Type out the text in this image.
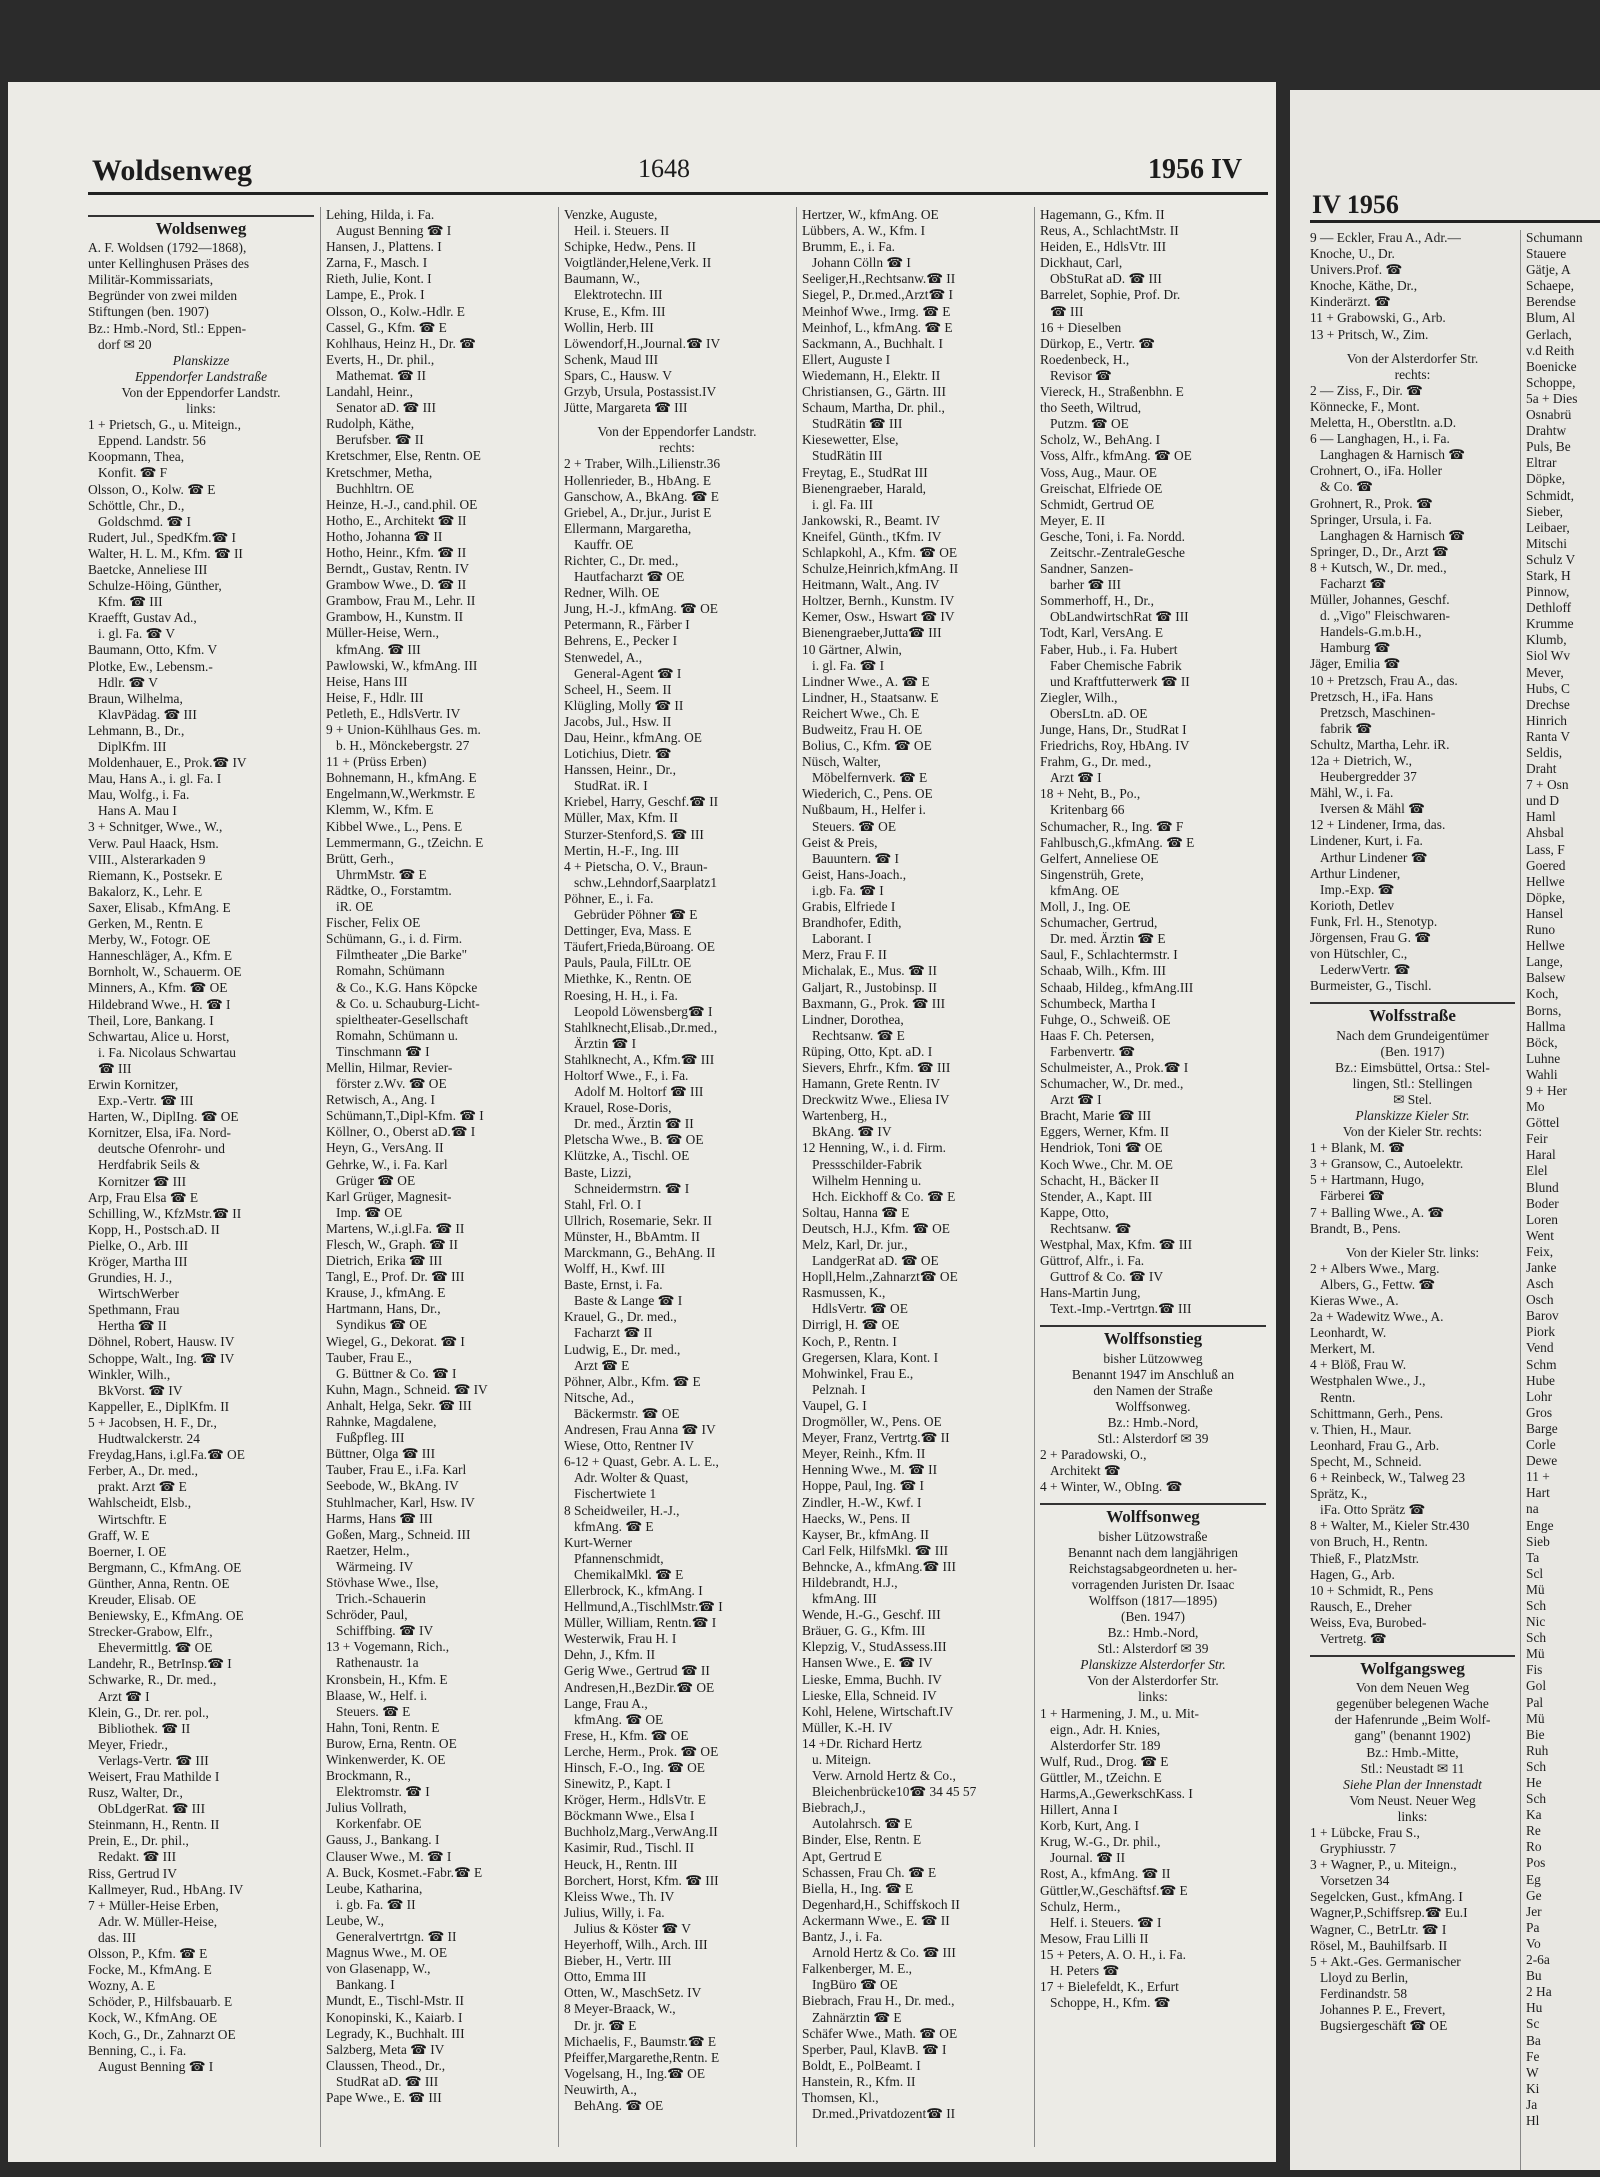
Woldsenweg	1648	1956 IV
Woldsenweg
A. F. Woldsen (1792—1868),
unter Kellinghusen Präses des
Militär-Kommissariats,
Begründer von zwei milden
Stiftungen (ben. 1907)
Bz.: Hmb.-Nord, Stl.: Eppen-
dorf ✉ 20
Planskizze
Eppendorfer Landstraße
Von der Eppendorfer Landstr.
links:
1 + Prietsch, G., u. Miteign.,
Eppend. Landstr. 56
Koopmann, Thea,
Konfit. ☎ F
Olsson, O., Kolw. ☎ E
Schöttle, Chr., D.,
Goldschmd. ☎ I
Rudert, Jul., SpedKfm.☎ I
Walter, H. L. M., Kfm. ☎ II
Baetcke, Anneliese III
Schulze-Höing, Günther,
Kfm. ☎ III
Kraefft, Gustav Ad.,
i. gl. Fa. ☎ V
Baumann, Otto, Kfm. V
Plotke, Ew., Lebensm.-
Hdlr. ☎ V
Braun, Wilhelma,
KlavPädag. ☎ III
Lehmann, B., Dr.,
DiplKfm. III
Moldenhauer, E., Prok.☎ IV
Mau, Hans A., i. gl. Fa. I
Mau, Wolfg., i. Fa.
Hans A. Mau I
3 + Schnitger, Wwe., W.,
Verw. Paul Haack, Hsm.
VIII., Alsterarkaden 9
Riemann, K., Postsekr. E
Bakalorz, K., Lehr. E
Saxer, Elisab., KfmAng. E
Gerken, M., Rentn. E
Merby, W., Fotogr. OE
Hanneschläger, A., Kfm. E
Bornholt, W., Schauerm. OE
Minners, A., Kfm. ☎ OE
Hildebrand Wwe., H. ☎ I
Theil, Lore, Bankang. I
Schwartau, Alice u. Horst,
i. Fa. Nicolaus Schwartau
☎ III
Erwin Kornitzer,
Exp.-Vertr. ☎ III
Harten, W., DiplIng. ☎ OE
Kornitzer, Elsa, iFa. Nord-
deutsche Ofenrohr- und
Herdfabrik Seils &
Kornitzer ☎ III
Arp, Frau Elsa ☎ E
Schilling, W., KfzMstr.☎ II
Kopp, H., Postsch.aD. II
Pielke, O., Arb. III
Kröger, Martha III
Grundies, H. J.,
WirtschWerber
Spethmann, Frau
Hertha ☎ II
Döhnel, Robert, Hausw. IV
Schoppe, Walt., Ing. ☎ IV
Winkler, Wilh.,
BkVorst. ☎ IV
Kappeller, E., DiplKfm. II
5 + Jacobsen, H. F., Dr.,
Hudtwalckerstr. 24
Freydag,Hans, i.gl.Fa.☎ OE
Ferber, A., Dr. med.,
prakt. Arzt ☎ E
Wahlscheidt, Elsb.,
Wirtschftr. E
Graff, W. E
Boerner, I. OE
Bergmann, C., KfmAng. OE
Günther, Anna, Rentn. OE
Kreuder, Elisab. OE
Beniewsky, E., KfmAng. OE
Strecker-Grabow, Elfr.,
Ehevermittlg. ☎ OE
Landehr, R., BetrInsp.☎ I
Schwarke, R., Dr. med.,
Arzt ☎ I
Klein, G., Dr. rer. pol.,
Bibliothek. ☎ II
Meyer, Friedr.,
Verlags-Vertr. ☎ III
Weisert, Frau Mathilde I
Rusz, Walter, Dr.,
ObLdgerRat. ☎ III
Steinmann, H., Rentn. II
Prein, E., Dr. phil.,
Redakt. ☎ III
Riss, Gertrud IV
Kallmeyer, Rud., HbAng. IV
7 + Müller-Heise Erben,
Adr. W. Müller-Heise,
das. III
Olsson, P., Kfm. ☎ E
Focke, M., KfmAng. E
Wozny, A. E
Schöder, P., Hilfsbauarb. E
Kock, W., KfmAng. OE
Koch, G., Dr., Zahnarzt OE
Benning, C., i. Fa.
August Benning ☎ I
Lehing, Hilda, i. Fa.
August Benning ☎ I
Hansen, J., Plattens. I
Zarna, F., Masch. I
Rieth, Julie, Kont. I
Lampe, E., Prok. I
Olsson, O., Kolw.-Hdlr. E
Cassel, G., Kfm. ☎ E
Kohlhaus, Heinz H., Dr. ☎
Everts, H., Dr. phil.,
Mathemat. ☎ II
Landahl, Heinr.,
Senator aD. ☎ III
Rudolph, Käthe,
Berufsber. ☎ II
Kretschmer, Else, Rentn. OE
Kretschmer, Metha,
Buchhltrn. OE
Heinze, H.-J., cand.phil. OE
Hotho, E., Architekt ☎ II
Hotho, Johanna ☎ II
Hotho, Heinr., Kfm. ☎ II
Berndt,, Gustav, Rentn. IV
Grambow Wwe., D. ☎ II
Grambow, Frau M., Lehr. II
Grambow, H., Kunstm. II
Müller-Heise, Wern.,
kfmAng. ☎ III
Pawlowski, W., kfmAng. III
Heise, Hans III
Heise, F., Hdlr. III
Petleth, E., HdlsVertr. IV
9 + Union-Kühlhaus Ges. m.
b. H., Mönckebergstr. 27
11 + (Prüss Erben)
Bohnemann, H., kfmAng. E
Engelmann,W.,Werkmstr. E
Klemm, W., Kfm. E
Kibbel Wwe., L., Pens. E
Lemmermann, G., tZeichn. E
Brütt, Gerh.,
UhrmMstr. ☎ E
Rädtke, O., Forstamtm.
iR. OE
Fischer, Felix OE
Schümann, G., i. d. Firm.
Filmtheater „Die Barke"
Romahn, Schümann
& Co., K.G. Hans Köpcke
& Co. u. Schauburg-Licht-
spieltheater-Gesellschaft
Romahn, Schümann u.
Tinschmann ☎ I
Mellin, Hilmar, Revier-
förster z.Wv. ☎ OE
Retwisch, A., Ang. I
Schümann,T.,Dipl-Kfm. ☎ I
Köllner, O., Oberst aD.☎ I
Heyn, G., VersAng. II
Gehrke, W., i. Fa. Karl
Grüger ☎ OE
Karl Grüger, Magnesit-
Imp. ☎ OE
Martens, W.,i.gl.Fa. ☎ II
Flesch, W., Graph. ☎ II
Dietrich, Erika ☎ III
Tangl, E., Prof. Dr. ☎ III
Krause, J., kfmAng. E
Hartmann, Hans, Dr.,
Syndikus ☎ OE
Wiegel, G., Dekorat. ☎ I
Tauber, Frau E.,
G. Büttner & Co. ☎ I
Kuhn, Magn., Schneid. ☎ IV
Anhalt, Helga, Sekr. ☎ III
Rahnke, Magdalene,
Fußpfleg. III
Büttner, Olga ☎ III
Tauber, Frau E., i.Fa. Karl
Seebode, W., BkAng. IV
Stuhlmacher, Karl, Hsw. IV
Harms, Hans ☎ III
Goßen, Marg., Schneid. III
Raetzer, Helm.,
Wärmeing. IV
Stövhase Wwe., Ilse,
Trich.-Schauerin
Schröder, Paul,
Schiffbing. ☎ IV
13 + Vogemann, Rich.,
Rathenaustr. 1a
Kronsbein, H., Kfm. E
Blaase, W., Helf. i.
Steuers. ☎ E
Hahn, Toni, Rentn. E
Burow, Erna, Rentn. OE
Winkenwerder, K. OE
Brockmann, R.,
Elektromstr. ☎ I
Julius Vollrath,
Korkenfabr. OE
Gauss, J., Bankang. I
Clauser Wwe., M. ☎ I
A. Buck, Kosmet.-Fabr.☎ E
Leube, Katharina,
i. gb. Fa. ☎ II
Leube, W.,
Generalvertrtgn. ☎ II
Magnus Wwe., M. OE
von Glasenapp, W.,
Bankang. I
Mundt, E., Tischl-Mstr. II
Konopinski, K., Kaiarb. I
Legrady, K., Buchhalt. III
Salzberg, Meta ☎ IV
Claussen, Theod., Dr.,
StudRat aD. ☎ III
Pape Wwe., E. ☎ III
Venzke, Auguste,
Heil. i. Steuers. II
Schipke, Hedw., Pens. II
Voigtländer,Helene,Verk. II
Baumann, W.,
Elektrotechn. III
Kruse, E., Kfm. III
Wollin, Herb. III
Löwendorf,H.,Journal.☎ IV
Schenk, Maud III
Spars, C., Hausw. V
Grzyb, Ursula, Postassist.IV
Jütte, Margareta ☎ III
Von der Eppendorfer Landstr.
rechts:
2 + Traber, Wilh.,Lilienstr.36
Hollenrieder, B., HbAng. E
Ganschow, A., BkAng. ☎ E
Griebel, A., Dr.jur., Jurist E
Ellermann, Margaretha,
Kauffr. OE
Richter, C., Dr. med.,
Hautfacharzt ☎ OE
Redner, Wilh. OE
Jung, H.-J., kfmAng. ☎ OE
Petermann, R., Färber I
Behrens, E., Pecker I
Stenwedel, A.,
General-Agent ☎ I
Scheel, H., Seem. II
Klügling, Molly ☎ II
Jacobs, Jul., Hsw. II
Dau, Heinr., kfmAng. OE
Lotichius, Dietr. ☎
Hanssen, Heinr., Dr.,
StudRat. iR. I
Kriebel, Harry, Geschf.☎ II
Müller, Max, Kfm. II
Sturzer-Stenford,S. ☎ III
Mertin, H.-F., Ing. III
4 + Pietscha, O. V., Braun-
schw.,Lehndorf,Saarplatz1
Pöhner, E., i. Fa.
Gebrüder Pöhner ☎ E
Dettinger, Eva, Mass. E
Täufert,Frieda,Büroang. OE
Pauls, Paula, FilLtr. OE
Miethke, K., Rentn. OE
Roesing, H. H., i. Fa.
Leopold Löwensberg☎ I
Stahlknecht,Elisab.,Dr.med.,
Ärztin ☎ I
Stahlknecht, A., Kfm.☎ III
Holtorf Wwe., F., i. Fa.
Adolf M. Holtorf ☎ III
Krauel, Rose-Doris,
Dr. med., Ärztin ☎ II
Pletscha Wwe., B. ☎ OE
Klützke, A., Tischl. OE
Baste, Lizzi,
Schneidermstrn. ☎ I
Stahl, Frl. O. I
Ullrich, Rosemarie, Sekr. II
Münster, H., BbAmtm. II
Marckmann, G., BehAng. II
Wolff, H., Kwf. III
Baste, Ernst, i. Fa.
Baste & Lange ☎ I
Krauel, G., Dr. med.,
Facharzt ☎ II
Ludwig, E., Dr. med.,
Arzt ☎ E
Pöhner, Albr., Kfm. ☎ E
Nitsche, Ad.,
Bäckermstr. ☎ OE
Andresen, Frau Anna ☎ IV
Wiese, Otto, Rentner IV
6-12 + Quast, Gebr. A. L. E.,
Adr. Wolter & Quast,
Fischertwiete 1
8 Scheidweiler, H.-J.,
kfmAng. ☎ E
Kurt-Werner
Pfannenschmidt,
ChemikalMkl. ☎ E
Ellerbrock, K., kfmAng. I
Hellmund,A.,TischlMstr.☎ I
Müller, William, Rentn.☎ I
Westerwik, Frau H. I
Dehn, J., Kfm. II
Gerig Wwe., Gertrud ☎ II
Andresen,H.,BezDir.☎ OE
Lange, Frau A.,
kfmAng. ☎ OE
Frese, H., Kfm. ☎ OE
Lerche, Herm., Prok. ☎ OE
Hinsch, F.-O., Ing. ☎ OE
Sinewitz, P., Kapt. I
Kröger, Herm., HdlsVtr. E
Böckmann Wwe., Elsa I
Buchholz,Marg.,VerwAng.II
Kasimir, Rud., Tischl. II
Heuck, H., Rentn. III
Borchert, Horst, Kfm. ☎ III
Kleiss Wwe., Th. IV
Julius, Willy, i. Fa.
Julius & Köster ☎ V
Heyerhoff, Wilh., Arch. III
Bieber, H., Vertr. III
Otto, Emma III
Otten, W., MaschSetz. IV
8 Meyer-Braack, W.,
Dr. jr. ☎ E
Michaelis, F., Baumstr.☎ E
Pfeiffer,Margarethe,Rentn. E
Vogelsang, H., Ing.☎ OE
Neuwirth, A.,
BehAng. ☎ OE
Hertzer, W., kfmAng. OE
Lübbers, A. W., Kfm. I
Brumm, E., i. Fa.
Johann Cölln ☎ I
Seeliger,H.,Rechtsanw.☎ II
Siegel, P., Dr.med.,Arzt☎ I
Meinhof Wwe., Irmg. ☎ E
Meinhof, L., kfmAng. ☎ E
Sackmann, A., Buchhalt. I
Ellert, Auguste I
Wiedemann, H., Elektr. II
Christiansen, G., Gärtn. III
Schaum, Martha, Dr. phil.,
StudRätin ☎ III
Kiesewetter, Else,
StudRätin III
Freytag, E., StudRat III
Bienengraeber, Harald,
i. gl. Fa. III
Jankowski, R., Beamt. IV
Kneifel, Günth., tKfm. IV
Schlapkohl, A., Kfm. ☎ OE
Schulze,Heinrich,kfmAng. II
Heitmann, Walt., Ang. IV
Holtzer, Bernh., Kunstm. IV
Kemer, Osw., Hswart ☎ IV
Bienengraeber,Jutta☎ III
10 Gärtner, Alwin,
i. gl. Fa. ☎ I
Lindner Wwe., A. ☎ E
Lindner, H., Staatsanw. E
Reichert Wwe., Ch. E
Budweitz, Frau H. OE
Bolius, C., Kfm. ☎ OE
Nüsch, Walter,
Möbelfernverk. ☎ E
Wiederich, C., Pens. OE
Nußbaum, H., Helfer i.
Steuers. ☎ OE
Geist & Preis,
Bauuntern. ☎ I
Geist, Hans-Joach.,
i.gb. Fa. ☎ I
Grabis, Elfriede I
Brandhofer, Edith,
Laborant. I
Merz, Frau F. II
Michalak, E., Mus. ☎ II
Galjart, R., Justobinsp. II
Baxmann, G., Prok. ☎ III
Lindner, Dorothea,
Rechtsanw. ☎ E
Rüping, Otto, Kpt. aD. I
Sievers, Ehrfr., Kfm. ☎ III
Hamann, Grete Rentn. IV
Dreckwitz Wwe., Eliesa IV
Wartenberg, H.,
BkAng. ☎ IV
12 Henning, W., i. d. Firm.
Pressschilder-Fabrik
Wilhelm Henning u.
Hch. Eickhoff & Co. ☎ E
Soltau, Hanna ☎ E
Deutsch, H.J., Kfm. ☎ OE
Melz, Karl, Dr. jur.,
LandgerRat aD. ☎ OE
Hopll,Helm.,Zahnarzt☎ OE
Rasmussen, K.,
HdlsVertr. ☎ OE
Dirrigl, H. ☎ OE
Koch, P., Rentn. I
Gregersen, Klara, Kont. I
Mohwinkel, Frau E.,
Pelznah. I
Vaupel, G. I
Drogmöller, W., Pens. OE
Meyer, Franz, Vertrtg.☎ II
Meyer, Reinh., Kfm. II
Henning Wwe., M. ☎ II
Hoppe, Paul, Ing. ☎ I
Zindler, H.-W., Kwf. I
Haecks, W., Pens. II
Kayser, Br., kfmAng. II
Carl Felk, HilfsMkl. ☎ III
Behncke, A., kfmAng.☎ III
Hildebrandt, H.J.,
kfmAng. III
Wende, H.-G., Geschf. III
Bräuer, G. G., Kfm. III
Klepzig, V., StudAssess.III
Hansen Wwe., E. ☎ IV
Lieske, Emma, Buchh. IV
Lieske, Ella, Schneid. IV
Kohl, Helene, Wirtschaft.IV
Müller, K.-H. IV
14 +Dr. Richard Hertz
u. Miteign.
Verw. Arnold Hertz & Co.,
Bleichenbrücke10☎ 34 45 57
Biebrach,J.,
Autolahrsch. ☎ E
Binder, Else, Rentn. E
Apt, Gertrud E
Schassen, Frau Ch. ☎ E
Biella, H., Ing. ☎ E
Degenhard,H., Schiffskoch II
Ackermann Wwe., E. ☎ II
Bantz, J., i. Fa.
Arnold Hertz & Co. ☎ III
Falkenberger, M. E.,
IngBüro ☎ OE
Biebrach, Frau H., Dr. med.,
Zahnärztin ☎ E
Schäfer Wwe., Math. ☎ OE
Sperber, Paul, KlavB. ☎ I
Boldt, E., PolBeamt. I
Hanstein, R., Kfm. II
Thomsen, Kl.,
Dr.med.,Privatdozent☎ II
Hagemann, G., Kfm. II
Reus, A., SchlachtMstr. II
Heiden, E., HdlsVtr. III
Dickhaut, Carl,
ObStuRat aD. ☎ III
Barrelet, Sophie, Prof. Dr.
☎ III
16 + Dieselben
Dürkop, E., Vertr. ☎
Roedenbeck, H.,
Revisor ☎
Viereck, H., Straßenbhn. E
tho Seeth, Wiltrud,
Putzm. ☎ OE
Scholz, W., BehAng. I
Voss, Alfr., kfmAng. ☎ OE
Voss, Aug., Maur. OE
Greischat, Elfriede OE
Schmidt, Gertrud OE
Meyer, E. II
Gesche, Toni, i. Fa. Nordd.
Zeitschr.-ZentraleGesche
Sandner, Sanzen-
barher ☎ III
Sommerhoff, H., Dr.,
ObLandwirtschRat ☎ III
Todt, Karl, VersAng. E
Faber, Hub., i. Fa. Hubert
Faber Chemische Fabrik
und Kraftfutterwerk ☎ II
Ziegler, Wilh.,
ObersLtn. aD. OE
Junge, Hans, Dr., StudRat I
Friedrichs, Roy, HbAng. IV
Frahm, G., Dr. med.,
Arzt ☎ I
18 + Neht, B., Po.,
Kritenbarg 66
Schumacher, R., Ing. ☎ F
Fahlbusch,G.,kfmAng. ☎ E
Gelfert, Anneliese OE
Singenstrüh, Grete,
kfmAng. OE
Moll, J., Ing. OE
Schumacher, Gertrud,
Dr. med. Ärztin ☎ E
Saul, F., Schlachtermstr. I
Schaab, Wilh., Kfm. III
Schaab, Hildeg., kfmAng.III
Schumbeck, Martha I
Fuhge, O., Schweiß. OE
Haas F. Ch. Petersen,
Farbenvertr. ☎
Schulmeister, A., Prok.☎ I
Schumacher, W., Dr. med.,
Arzt ☎ I
Bracht, Marie ☎ III
Eggers, Werner, Kfm. II
Hendriok, Toni ☎ OE
Koch Wwe., Chr. M. OE
Schacht, H., Bäcker II
Stender, A., Kapt. III
Kappe, Otto,
Rechtsanw. ☎
Westphal, Max, Kfm. ☎ III
Güttrof, Alfr., i. Fa.
Guttrof & Co. ☎ IV
Hans-Martin Jung,
Text.-Imp.-Vertrtgn.☎ III
Wolffsonstieg
bisher Lützowweg
Benannt 1947 im Anschluß an
den Namen der Straße
Wolffsonweg.
Bz.: Hmb.-Nord,
Stl.: Alsterdorf ✉ 39
2 + Paradowski, O.,
Architekt ☎
4 + Winter, W., ObIng. ☎
Wolffsonweg
bisher Lützowstraße
Benannt nach dem langjährigen
Reichstagsabgeordneten u. her-
vorragenden Juristen Dr. Isaac
Wolffson (1817—1895)
(Ben. 1947)
Bz.: Hmb.-Nord,
Stl.: Alsterdorf ✉ 39
Planskizze Alsterdorfer Str.
Von der Alsterdorfer Str.
links:
1 + Harmening, J. M., u. Mit-
eign., Adr. H. Knies,
Alsterdorfer Str. 189
Wulf, Rud., Drog. ☎ E
Güttler, M., tZeichn. E
Harms,A.,GewerkschKass. I
Hillert, Anna I
Korb, Kurt, Ang. I
Krug, W.-G., Dr. phil.,
Journal. ☎ II
Rost, A., kfmAng. ☎ II
Güttler,W.,Geschäftsf.☎ E
Schulz, Herm.,
Helf. i. Steuers. ☎ I
Mesow, Frau Lilli II
15 + Peters, A. O. H., i. Fa.
H. Peters ☎
17 + Bielefeldt, K., Erfurt
Schoppe, H., Kfm. ☎
IV 1956
9 — Eckler, Frau A., Adr.—
Knoche, U., Dr.
Univers.Prof. ☎
Knoche, Käthe, Dr.,
Kinderärzt. ☎
11 + Grabowski, G., Arb.
13 + Pritsch, W., Zim.
Von der Alsterdorfer Str.
rechts:
2 — Ziss, F., Dir. ☎
Könnecke, F., Mont.
Meletta, H., Oberstltn. a.D.
6 — Langhagen, H., i. Fa.
Langhagen & Harnisch ☎
Crohnert, O., iFa. Holler
& Co. ☎
Grohnert, R., Prok. ☎
Springer, Ursula, i. Fa.
Langhagen & Harnisch ☎
Springer, D., Dr., Arzt ☎
8 + Kutsch, W., Dr. med.,
Facharzt ☎
Müller, Johannes, Geschf.
d. „Vigo" Fleischwaren-
Handels-G.m.b.H.,
Hamburg ☎
Jäger, Emilia ☎
10 + Pretzsch, Frau A., das.
Pretzsch, H., iFa. Hans
Pretzsch, Maschinen-
fabrik ☎
Schultz, Martha, Lehr. iR.
12a + Dietrich, W.,
Heubergredder 37
Mähl, W., i. Fa.
Iversen & Mähl ☎
12 + Lindener, Irma, das.
Lindener, Kurt, i. Fa.
Arthur Lindener ☎
Arthur Lindener,
Imp.-Exp. ☎
Korioth, Detlev
Funk, Frl. H., Stenotyp.
Jörgensen, Frau G. ☎
von Hütschler, C.,
LederwVertr. ☎
Burmeister, G., Tischl.
Wolfsstraße
Nach dem Grundeigentümer
(Ben. 1917)
Bz.: Eimsbüttel, Ortsa.: Stel-
lingen, Stl.: Stellingen
✉ Stel.
Planskizze Kieler Str.
Von der Kieler Str. rechts:
1 + Blank, M. ☎
3 + Gransow, C., Autoelektr.
5 + Hartmann, Hugo,
Färberei ☎
7 + Balling Wwe., A. ☎
Brandt, B., Pens.
Von der Kieler Str. links:
2 + Albers Wwe., Marg.
Albers, G., Fettw. ☎
Kieras Wwe., A.
2a + Wadewitz Wwe., A.
Leonhardt, W.
Merkert, M.
4 + Blöß, Frau W.
Westphalen Wwe., J.,
Rentn.
Schittmann, Gerh., Pens.
v. Thien, H., Maur.
Leonhard, Frau G., Arb.
Specht, M., Schneid.
6 + Reinbeck, W., Talweg 23
Sprätz, K.,
iFa. Otto Sprätz ☎
8 + Walter, M., Kieler Str.430
von Bruch, H., Rentn.
Thieß, F., PlatzMstr.
Hagen, G., Arb.
10 + Schmidt, R., Pens
Rausch, E., Dreher
Weiss, Eva, Burobed-
Vertretg. ☎
Wolfgangsweg
Von dem Neuen Weg
gegenüber belegenen Wache
der Hafenrunde „Beim Wolf-
gang" (benannt 1902)
Bz.: Hmb.-Mitte,
Stl.: Neustadt ✉ 11
Siehe Plan der Innenstadt
Vom Neust. Neuer Weg
links:
1 + Lübcke, Frau S.,
Gryphiusstr. 7
3 + Wagner, P., u. Miteign.,
Vorsetzen 34
Segelcken, Gust., kfmAng. I
Wagner,P.,Schiffsrep.☎ Eu.I
Wagner, C., BetrLtr. ☎ I
Rösel, M., Bauhilfsarb. II
5 + Akt.-Ges. Germanischer
Lloyd zu Berlin,
Ferdinandstr. 58
Johannes P. E., Frevert,
Bugsiergeschäft ☎ OE
Schumann
Stauere
Gätje, A
Schaepe,
Berendse
Blum, Al
Gerlach,
v.d Reith
Boenicke
Schoppe,
5a + Dies
Osnabrü
Drahtw
Puls, Be
Eltrar
Döpke,
Schmidt,
Sieber,
Leibaer,
Mitschi
Schulz V
Stark, H
Pinnow,
Dethloff
Krumme
Klumb,
Siol Wv
Mever,
Hubs, C
Drechse
Hinrich
Ranta V
Seldis,
Draht
7 + Osn
und D
Haml
Ahsbal
Lass, F
Goered
Hellwe
Döpke,
Hansel
Runo
Hellwe
Lange,
Balsew
Koch,
Borns,
Hallma
Böck,
Luhne
Wahli
9 + Her
Mo
Göttel
Feir
Haral
Elel
Blund
Boder
Loren
Went
Feix,
Janke
Asch
Osch
Barov
Piork
Vend
Schm
Hube
Lohr
Gros
Barge
Corle
Dewe
11 +
Hart
na
Enge
Sieb
Ta
Scl
Mü
Sch
Nic
Sch
Mü
Fis
Gol
Pal
Mü
Bie
Ruh
Sch
He
Sch
Ka
Re
Ro
Pos
Eg
Ge
Jer
Pa
Vo
2-6a
Bu
2 Ha
Hu
Sc
Ba
Fe
W
Ki
Ja
Hl
